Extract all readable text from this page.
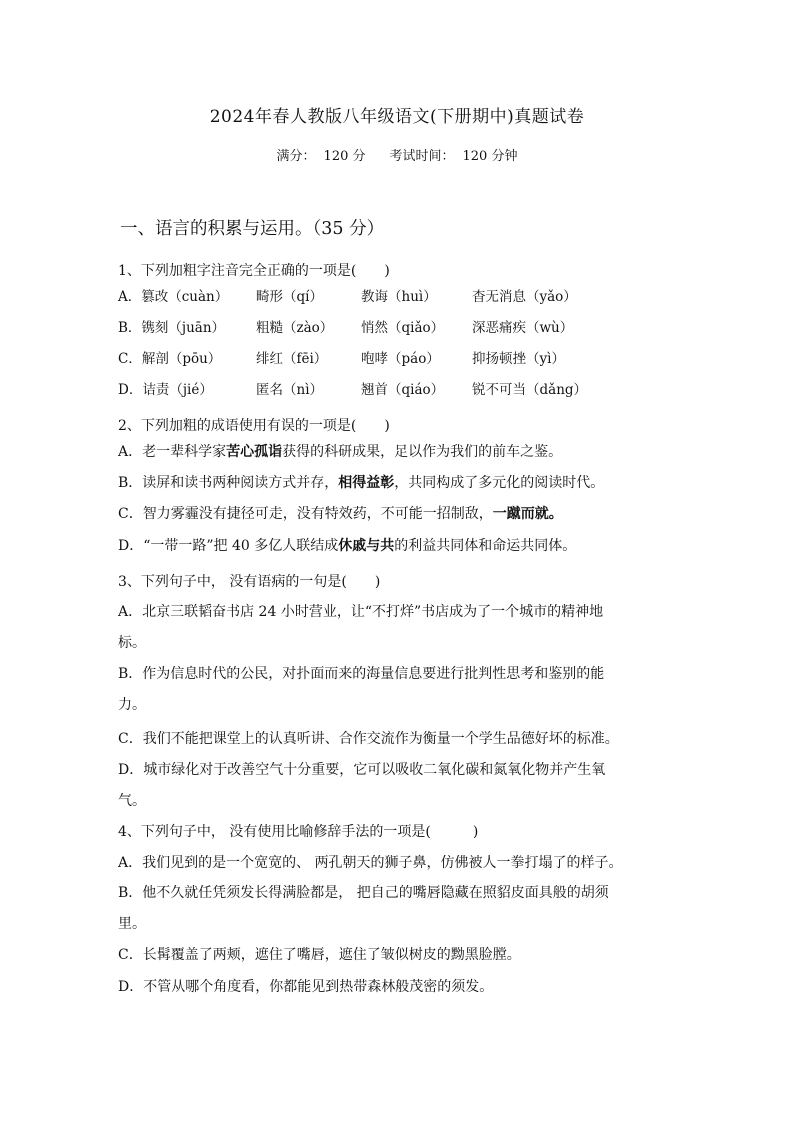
2024年春人教版八年级语文(下册期中)真题试卷
满分： 120 分 考试时间： 120 分钟
一、语言的积累与运用。（35 分）
1、下列加粗字注音完全正确的一项是(　　)
A．篡改（cuàn） 畸形（qí）	教诲（huì）	杳无消息（yǎo）
B．镌刻（juān） 粗糙（zào） 悄然（qiǎo） 深恶痛疾（wù）
C．解剖（pōu）	绯红（fēi） 咆哮（páo） 抑扬顿挫（yì）
D．诘责（jié）	匿名（nì）	翘首（qiáo） 锐不可当（dǎng）
2、下列加粗的成语使用有误的一项是(　　)
A．老一辈科学家苦心孤诣获得的科研成果，足以作为我们的前车之鉴。
B．读屏和读书两种阅读方式并存，相得益彰，共同构成了多元化的阅读时代。
C．智力雾霾没有捷径可走，没有特效药，不可能一招制敌，一蹴而就。
D．“一带一路”把 40 多亿人联结成休戚与共的利益共同体和命运共同体。
3、下列句子中， 没有语病的一句是(　　)
A．北京三联韬奋书店 24 小时营业，让“不打烊”书店成为了一个城市的精神地
标。
B．作为信息时代的公民，对扑面而来的海量信息要进行批判性思考和鉴别的能
力。
C．我们不能把课堂上的认真听讲、合作交流作为衡量一个学生品德好坏的标准。
D．城市绿化对于改善空气十分重要，它可以吸收二氧化碳和氮氧化物并产生氧
气。
4、下列句子中， 没有使用比喻修辞手法的一项是(　　　)
A．我们见到的是一个宽宽的、 两孔朝天的狮子鼻，仿佛被人一拳打塌了的样子。
B．他不久就任凭须发长得满脸都是， 把自己的嘴唇隐藏在照貂皮面具般的胡须
里。
C．长髯覆盖了两颊，遮住了嘴唇，遮住了皱似树皮的黝黑脸膛。
D．不管从哪个角度看，你都能见到热带森林般茂密的须发。
